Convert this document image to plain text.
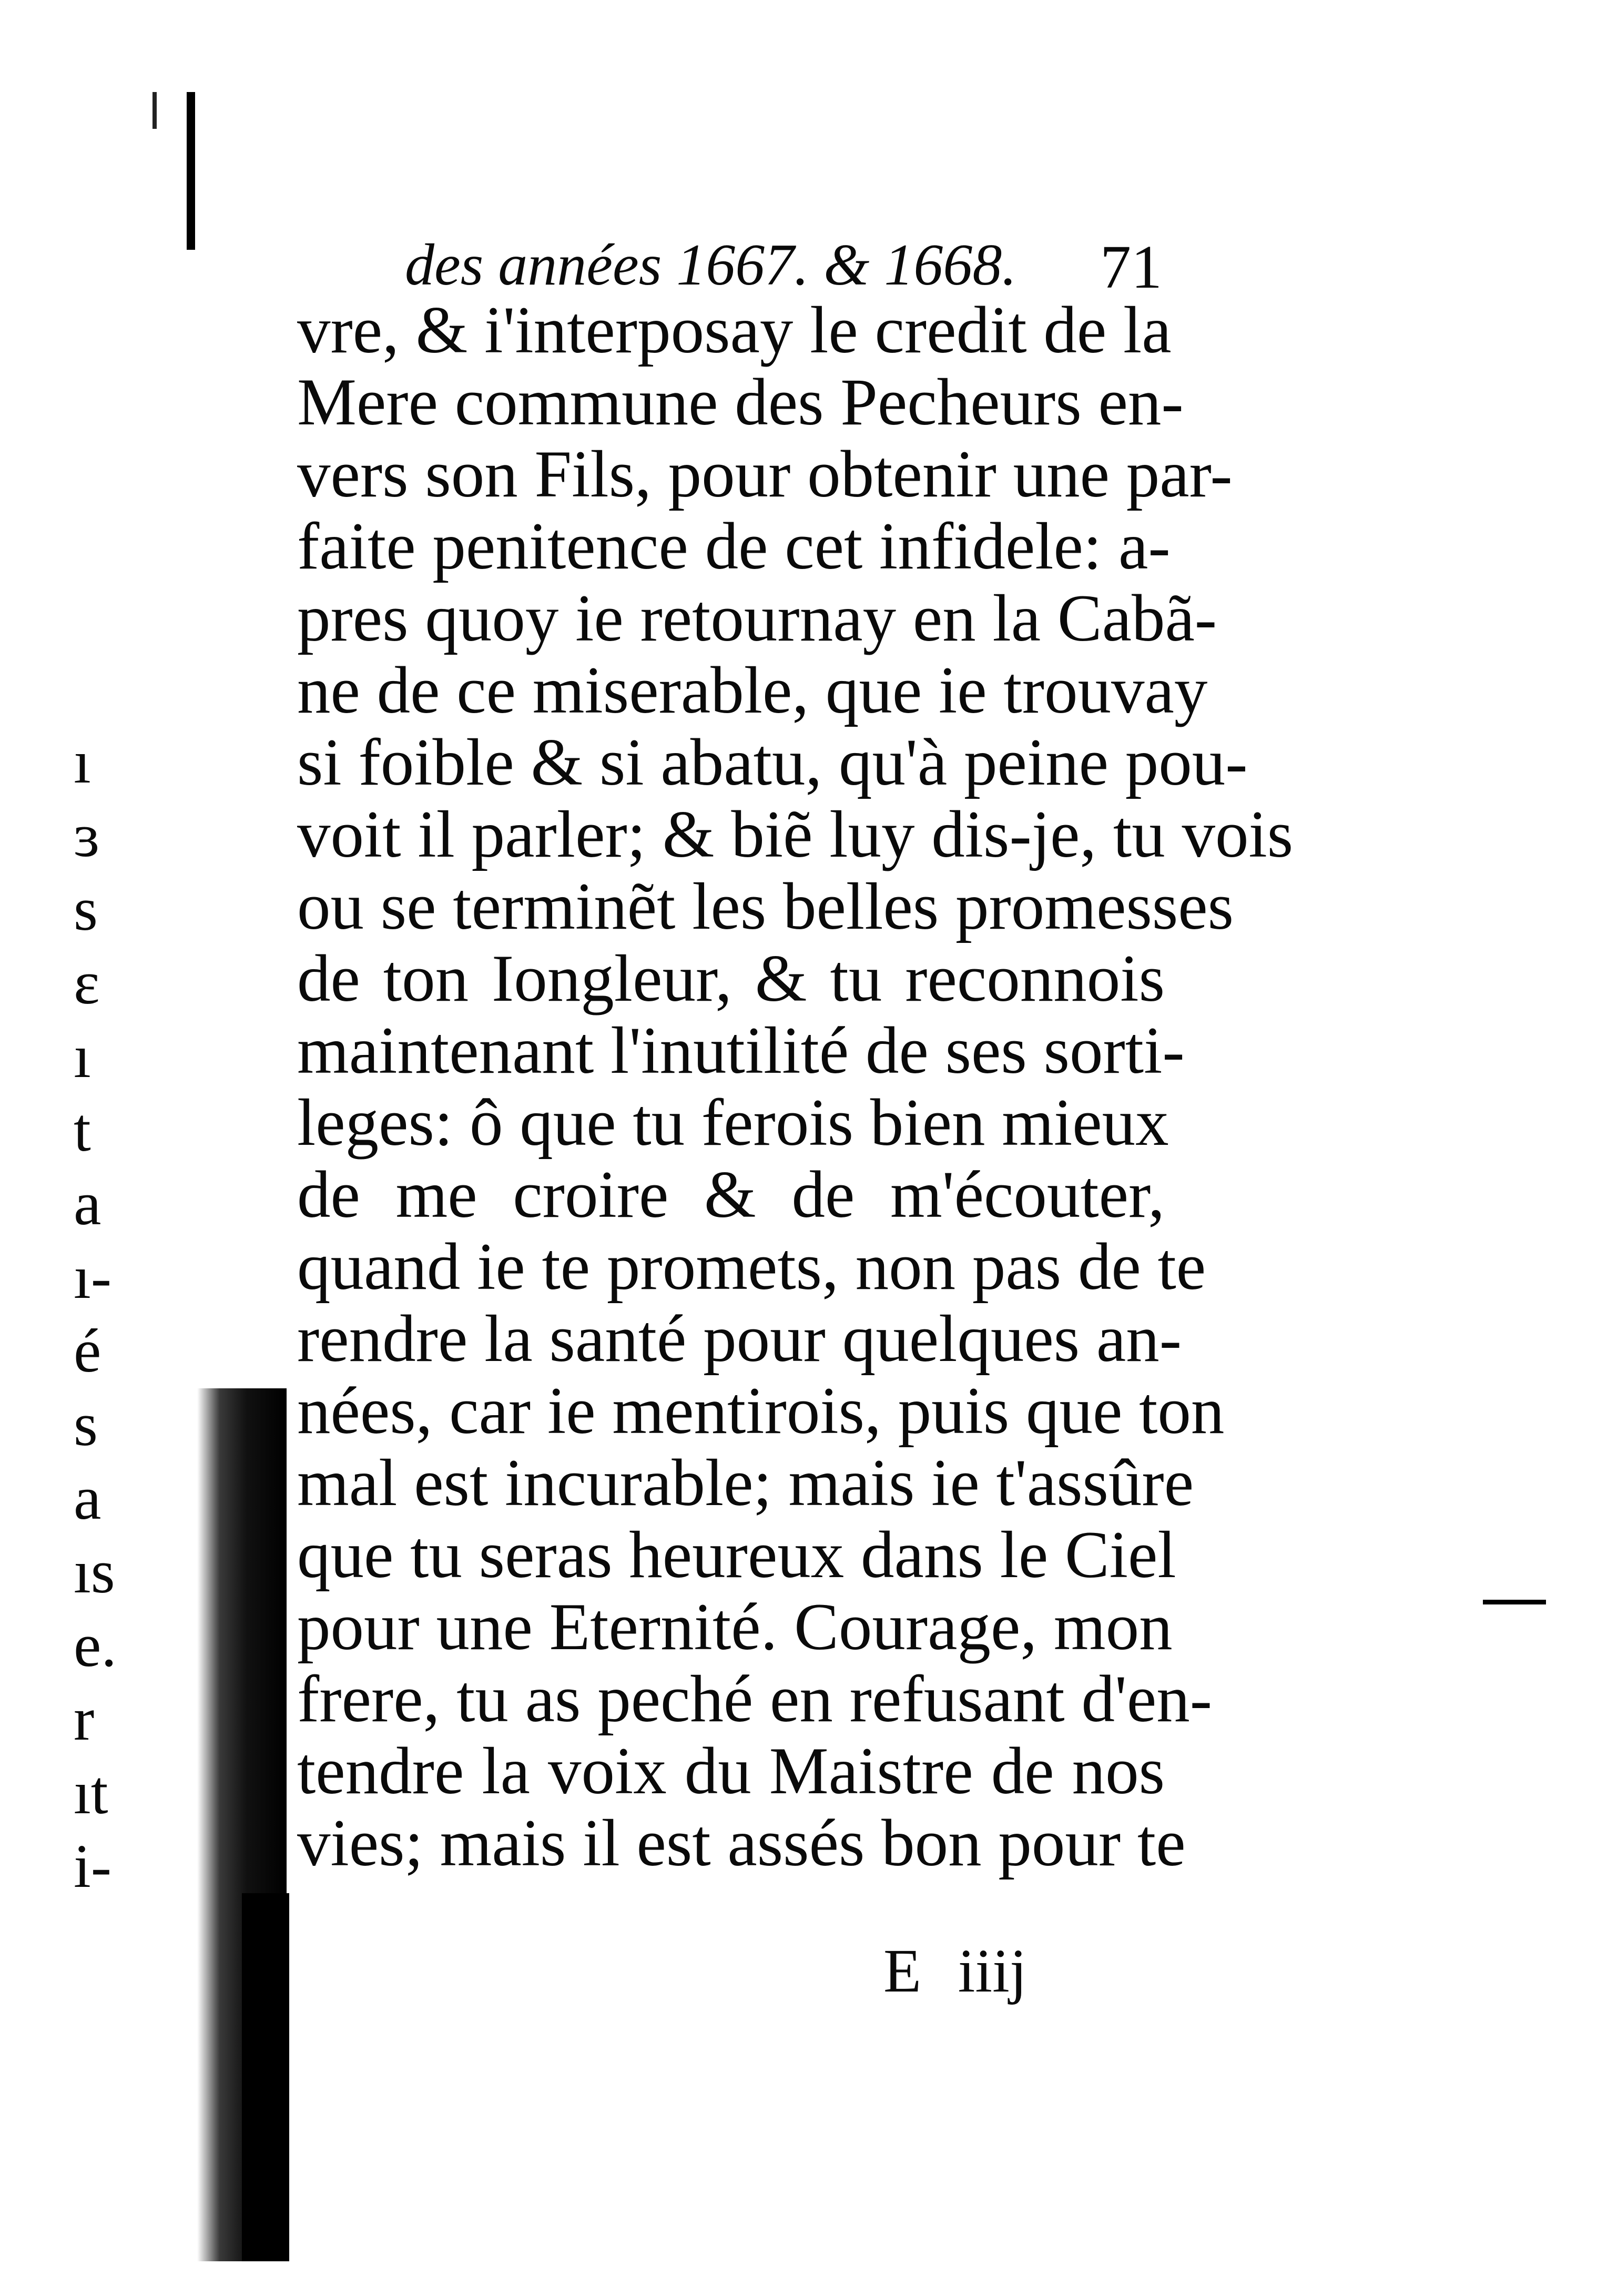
ı
ɜ
s
ɛ
ı
t
a
ı-
é
s
a
ıs
e.
r
ıt
i-
des années 1667. & 1668. 71
vre, & i'interposay le credit de la
Mere commune des Pecheurs en-
vers son Fils, pour obtenir une par-
faite penitence de cet infidele: a-
pres quoy ie retournay en la Cabã-
ne de ce miserable, que ie trouvay
si foible & si abatu, qu'à peine pou-
voit il parler; & biẽ luy dis-je, tu vois
ou se terminẽt les belles promesses
de ton Iongleur, & tu reconnois
maintenant l'inutilité de ses sorti-
leges: ô que tu ferois bien mieux
de me croire & de m'écouter,
quand ie te promets, non pas de te
rendre la santé pour quelques an-
nées, car ie mentirois, puis que ton
mal est incurable; mais ie t'assûre
que tu seras heureux dans le Ciel
pour une Eternité. Courage, mon
frere, tu as peché en refusant d'en-
tendre la voix du Maistre de nos
vies; mais il est assés bon pour te
E iiij
